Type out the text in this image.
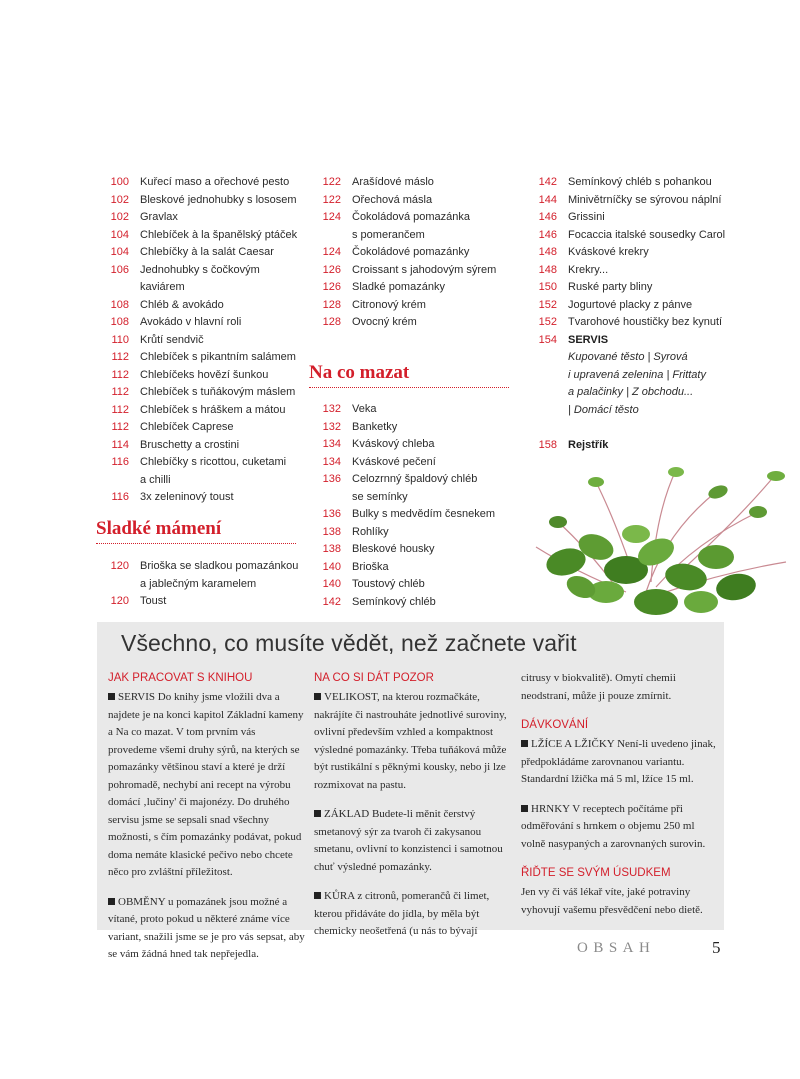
100	Kuřecí maso a ořechové pesto
102	Bleskové jednohubky s lososem
102	Gravlax
104	Chlebíček à la španělský ptáček
104	Chlebíčky à la salát Caesar
106	Jednohubky s čočkovým kaviárem
108	Chléb & avokádo
108	Avokádo v hlavní roli
110	Krůtí sendvič
112	Chlebíček s pikantním salámem
112	Chlebíčeks hovězí šunkou
112	Chlebíček s tuňákovým máslem
112	Chlebíček s hráškem a mátou
112	Chlebíček Caprese
114	Bruschetty a crostini
116	Chlebíčky s ricottou, cuketami
a chilli
116	3x zeleninový toust
Sladké mámení
120	Brioška se sladkou pomazánkou
a jablečným karamelem
120	Toust
122	Arašídové máslo
122	Ořechová másla
124	Čokoládová pomazánka
s pomerančem
124	Čokoládové pomazánky
126	Croissant s jahodovým sýrem
126	Sladké pomazánky
128	Citronový krém
128	Ovocný krém
Na co mazat
132	Veka
132	Banketky
134	Kváskový chleba
134	Kváskové pečení
136	Celozrnný špaldový chléb
se semínky
136	Bulky s medvědím česnekem
138	Rohlíky
138	Bleskové housky
140	Brioška
140	Toustový chléb
142	Semínkový chléb
142	Semínkový chléb s pohankou
144	Minivětrníčky se sýrovou náplní
146	Grissini
146	Focaccia italské sousedky Carol
148	Kváskové krekry
148	Krekry...
150	Ruské party bliny
152	Jogurtové placky z pánve
152	Tvarohové houstičky bez kynutí
154	SERVIS
Kupované těsto | Syrová
i upravená zelenina | Frittaty
a palačinky | Z obchodu...
| Domácí těsto
158	Rejstřík
Všechno, co musíte vědět, než začnete vařit
JAK PRACOVAT S KNIHOU

SERVIS Do knihy jsme vložili dva a najdete je na konci kapitol Základní kameny a Na co mazat. V tom prvním vás provedeme všemi druhy sýrů, na kterých se pomazánky většinou staví a které je drží pohromadě, nechybí ani recept na výrobu domácí ‚lučiny' či majonézy. Do druhého servisu jsme se sepsali snad všechny možnosti, s čím pomazánky podávat, pokud doma nemáte klasické pečivo nebo chcete něco pro zvláštní příležitost.

OBMĚNY u pomazánek jsou možné a vítané, proto pokud u některé známe více variant, snažili jsme se je pro vás sepsat, aby se vám žádná hned tak nepřejedla.

NA CO SI DÁT POZOR

VELIKOST, na kterou rozmačkáte, nakrájíte či nastrouháte jednotlivé suroviny, ovlivní především vzhled a kompaktnost výsledné pomazánky. Třeba tuňáková může být rustikální s pěknými kousky, nebo ji lze rozmixovat na pastu.

ZÁKLAD Budete-li měnit čerstvý smetanový sýr za tvaroh či zakysanou smetanu, ovlivní to konzistenci i samotnou chuť výsledné pomazánky.

KŮRA z citronů, pomerančů či limet, kterou přidáváte do jídla, by měla být chemicky neošetřená (u nás to bývají

citrusy v biokvalitě). Omytí chemii neodstraní, může ji pouze zmírnit.

DÁVKOVÁNÍ

LŽÍCE A LŽIČKY Není-li uvedeno jinak, předpokládáme zarovnanou variantu. Standardní lžička má 5 ml, lžíce 15 ml.

HRNKY V receptech počítáme při odměřování s hrnkem o objemu 250 ml volně nasypaných a zarovnaných surovin.

ŘIĎTE SE SVÝM ÚSUDKEM

Jen vy či váš lékař víte, jaké potraviny vyhovují vašemu přesvědčení nebo dietě.

OBSAH	5
